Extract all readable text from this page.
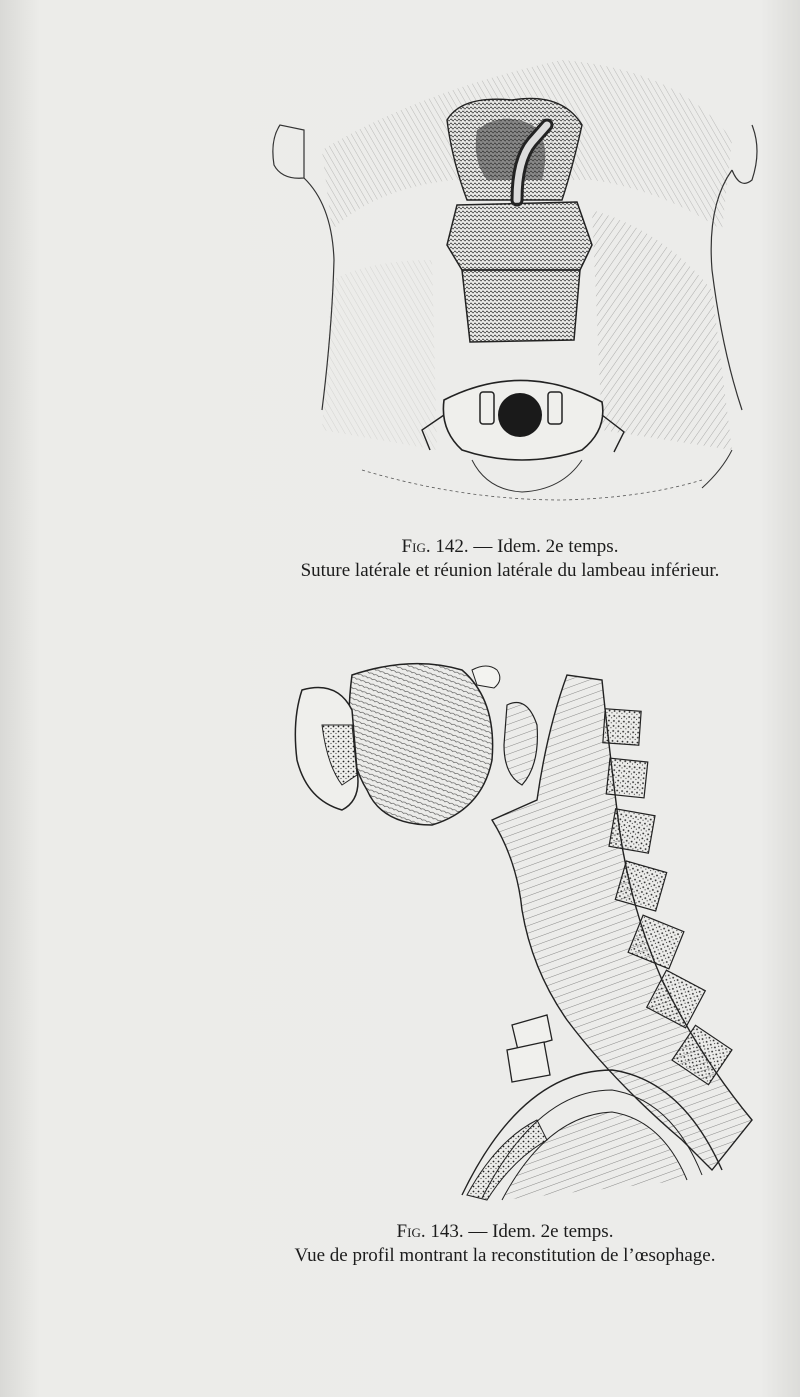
Fig. 142. — Idem. 2e temps.
Suture latérale et réunion latérale du lambeau inférieur.
Fig. 143. — Idem. 2e temps.
Vue de profil montrant la reconstitution de l’œsophage.
